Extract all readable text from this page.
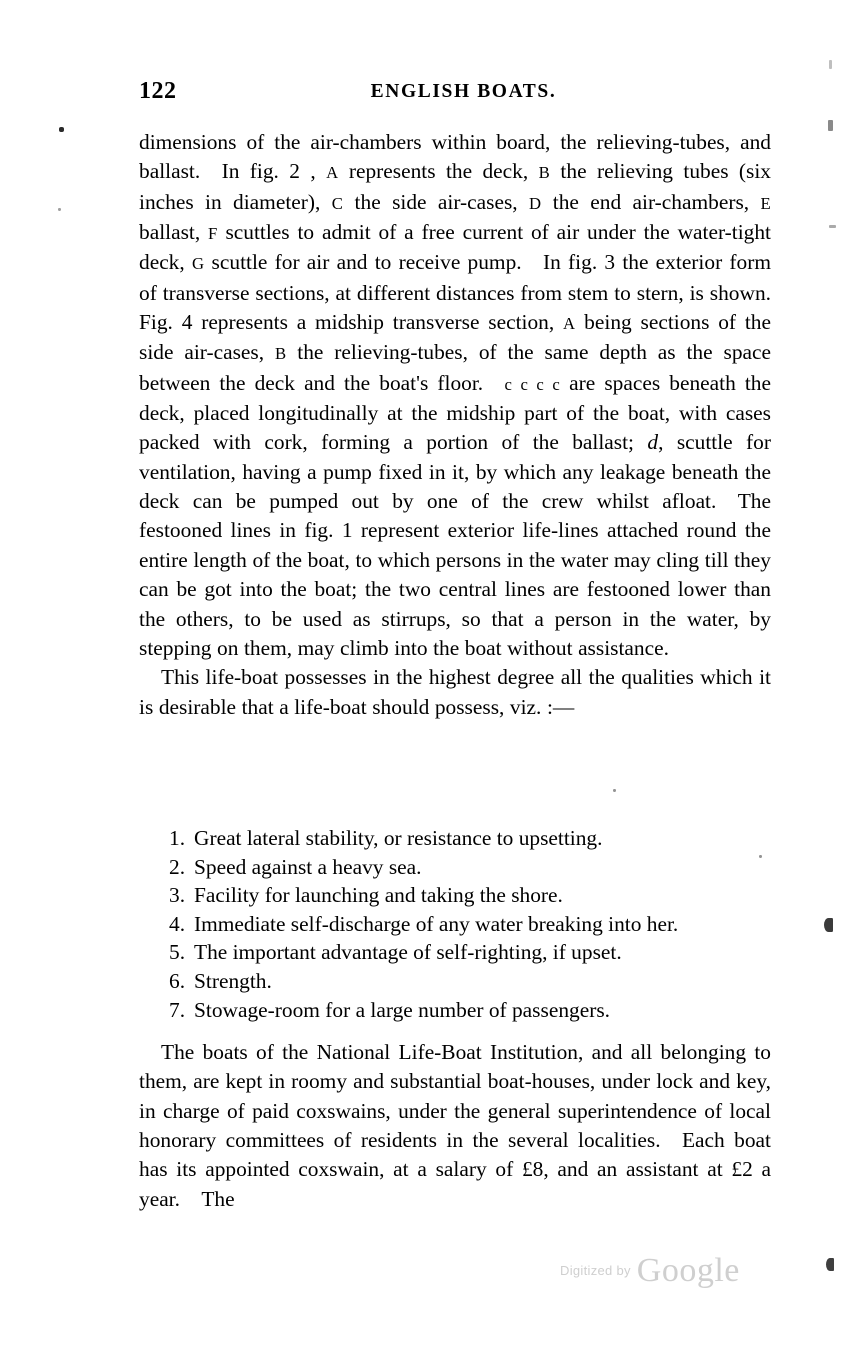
122	ENGLISH BOATS.

dimensions of the air-chambers within board, the relieving-tubes, and ballast. In fig. 2 , A represents the deck, B the relieving tubes (six inches in diameter), C the side air-cases, D the end air-chambers, E ballast, F scuttles to admit of a free current of air under the water-tight deck, G scuttle for air and to receive pump. In fig. 3 the exterior form of transverse sections, at different distances from stem to stern, is shown. Fig. 4 represents a midship transverse section, A being sections of the side air-cases, B the relieving-tubes, of the same depth as the space between the deck and the boat's floor. c c c c are spaces beneath the deck, placed longitudinally at the midship part of the boat, with cases packed with cork, forming a portion of the ballast; d, scuttle for ventilation, having a pump fixed in it, by which any leakage beneath the deck can be pumped out by one of the crew whilst afloat. The festooned lines in fig. 1 represent exterior life-lines attached round the entire length of the boat, to which persons in the water may cling till they can be got into the boat; the two central lines are festooned lower than the others, to be used as stirrups, so that a person in the water, by stepping on them, may climb into the boat without assistance.

This life-boat possesses in the highest degree all the qualities which it is desirable that a life-boat should possess, viz. :—

1. Great lateral stability, or resistance to upsetting.
2. Speed against a heavy sea.
3. Facility for launching and taking the shore.
4. Immediate self-discharge of any water breaking into her.
5. The important advantage of self-righting, if upset.
6. Strength.
7. Stowage-room for a large number of passengers.

The boats of the National Life-Boat Institution, and all belonging to them, are kept in roomy and substantial boat-houses, under lock and key, in charge of paid coxswains, under the general superintendence of local honorary committees of residents in the several localities. Each boat has its appointed coxswain, at a salary of £8, and an assistant at £2 a year. The

$^{Digitized by}$ Google
